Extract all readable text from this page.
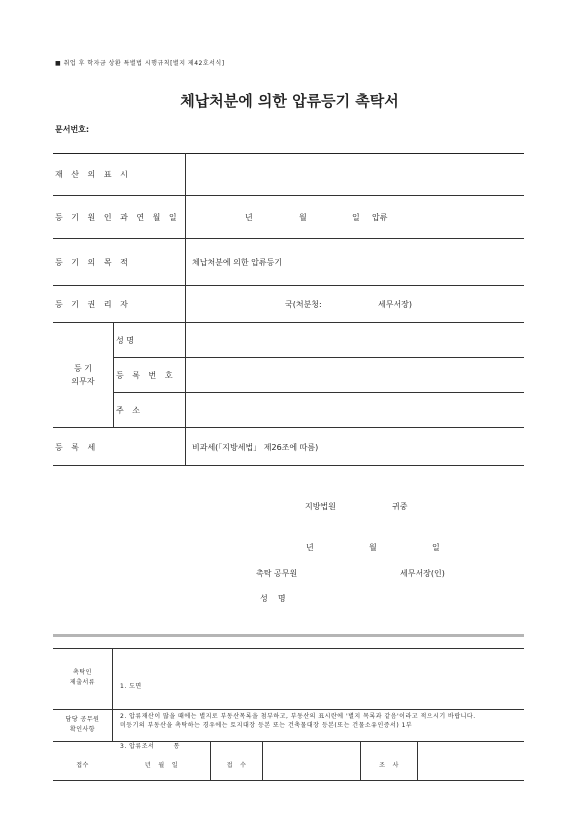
■ 취업 후 학자금 상환 특별법 시행규칙[별지 제42호서식]
체납처분에 의한 압류등기 촉탁서
문서번호:
재 산 의 표 시
등 기 원 인 과 연 월 일	년	월	일 압류
등 기 의 목 적	체납처분에 의한 압류등기
등 기 권 리 자	국(처분청:	세무서장)
등 기
의무자
성 명
등 록 번 호
주 소
등 록 세	비과세(「지방세법」 제26조에 따름)
지방법원	귀중
년	월	일
촉탁 공무원	세무서장(인)
성    명
촉탁인
제출서류

1. 도면

2. 압류재산이 많을 때에는 별지로 부동산목록을 첨부하고, 부동산의 표시란에 '별지 목록과 같음'이라고 적으시기 바랍니다.

3. 압류조서        통

담당 공무원
확인사항
미등기의 부동산을 촉탁하는 경우에는 토지대장 등본 또는 건축물대장 등본(또는 건물소유인증서) 1부
접수	년   월   일	접   수	조   사
